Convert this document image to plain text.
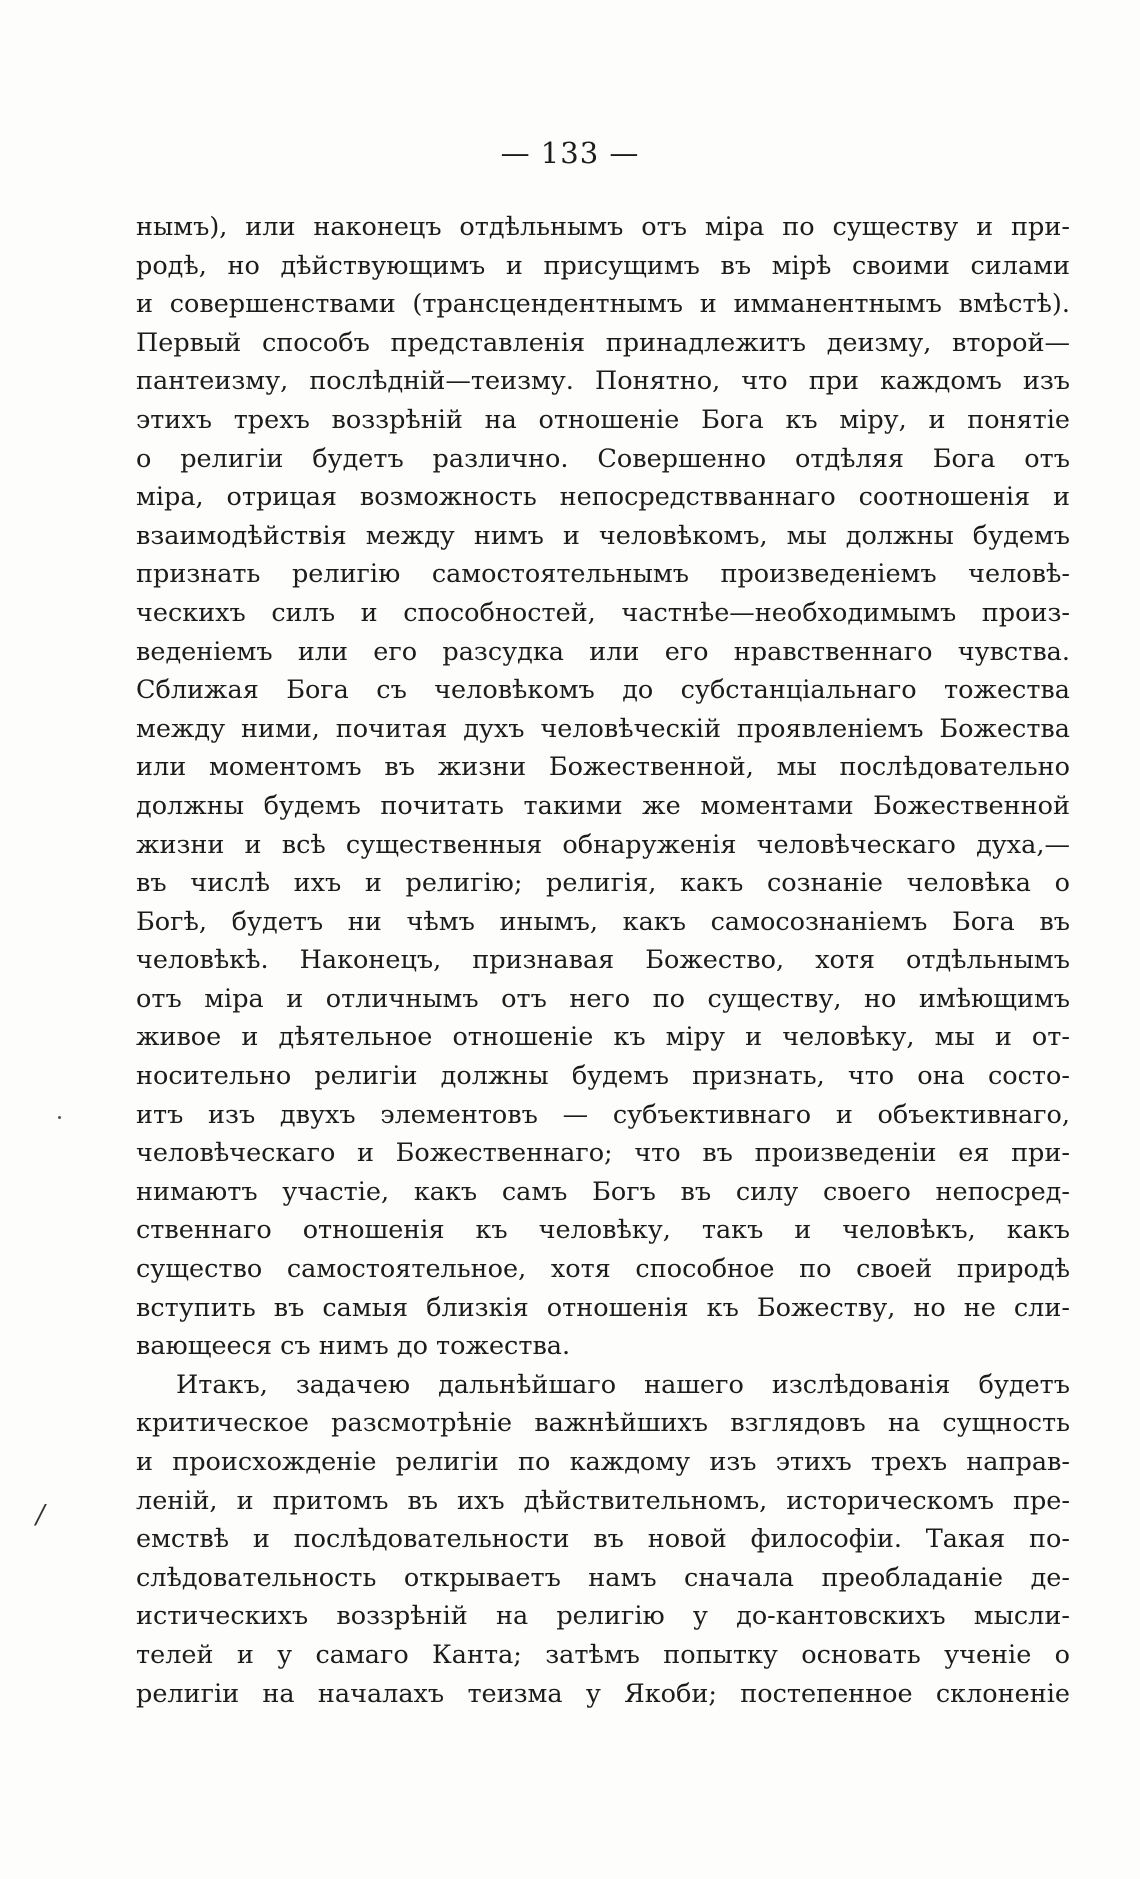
— 133 —
/
нымъ), или наконецъ отдѣльнымъ отъ міра по существу и при-
родѣ, но дѣйствующимъ и присущимъ въ мірѣ своими силами
и совершенствами (трансцендентнымъ и имманентнымъ вмѣстѣ).
Первый способъ представленія принадлежитъ деизму, второй—
пантеизму, послѣдній—теизму. Понятно, что при каждомъ изъ
этихъ трехъ воззрѣній на отношеніе Бога къ міру, и понятіе
о религіи будетъ различно. Совершенно отдѣляя Бога отъ
міра, отрицая возможность непосредствваннаго соотношенія и
взаимодѣйствія между нимъ и человѣкомъ, мы должны будемъ
признать религію самостоятельнымъ произведеніемъ человѣ-
ческихъ силъ и способностей, частнѣе—необходимымъ произ-
веденіемъ или его разсудка или его нравственнаго чувства.
Сближая Бога съ человѣкомъ до субстанціальнаго тожества
между ними, почитая духъ человѣческій проявленіемъ Божества
или моментомъ въ жизни Божественной, мы послѣдовательно
должны будемъ почитать такими же моментами Божественной
жизни и всѣ существенныя обнаруженія человѣческаго духа,—
въ числѣ ихъ и религію; религія, какъ сознаніе человѣка о
Богѣ, будетъ ни чѣмъ инымъ, какъ самосознаніемъ Бога въ
человѣкѣ. Наконецъ, признавая Божество, хотя отдѣльнымъ
отъ міра и отличнымъ отъ него по существу, но имѣющимъ
живое и дѣятельное отношеніе къ міру и человѣку, мы и от-
носительно религіи должны будемъ признать, что она состо-
итъ изъ двухъ элементовъ — субъективнаго и объективнаго,
человѣческаго и Божественнаго; что въ произведеніи ея при-
нимаютъ участіе, какъ самъ Богъ въ силу своего непосред-
ственнаго отношенія къ человѣку, такъ и человѣкъ, какъ
существо самостоятельное, хотя способное по своей природѣ
вступить въ самыя близкія отношенія къ Божеству, но не сли-
вающееся съ нимъ до тожества.
Итакъ, задачею дальнѣйшаго нашего изслѣдованія будетъ
критическое разсмотрѣніе важнѣйшихъ взглядовъ на сущность
и происхожденіе религіи по каждому изъ этихъ трехъ направ-
леній, и притомъ въ ихъ дѣйствительномъ, историческомъ пре-
емствѣ и послѣдовательности въ новой философіи. Такая по-
слѣдовательность открываетъ намъ сначала преобладаніе де-
истическихъ воззрѣній на религію у до-кантовскихъ мысли-
телей и у самаго Канта; затѣмъ попытку основать ученіе о
религіи на началахъ теизма у Якоби; постепенное склоненіе
